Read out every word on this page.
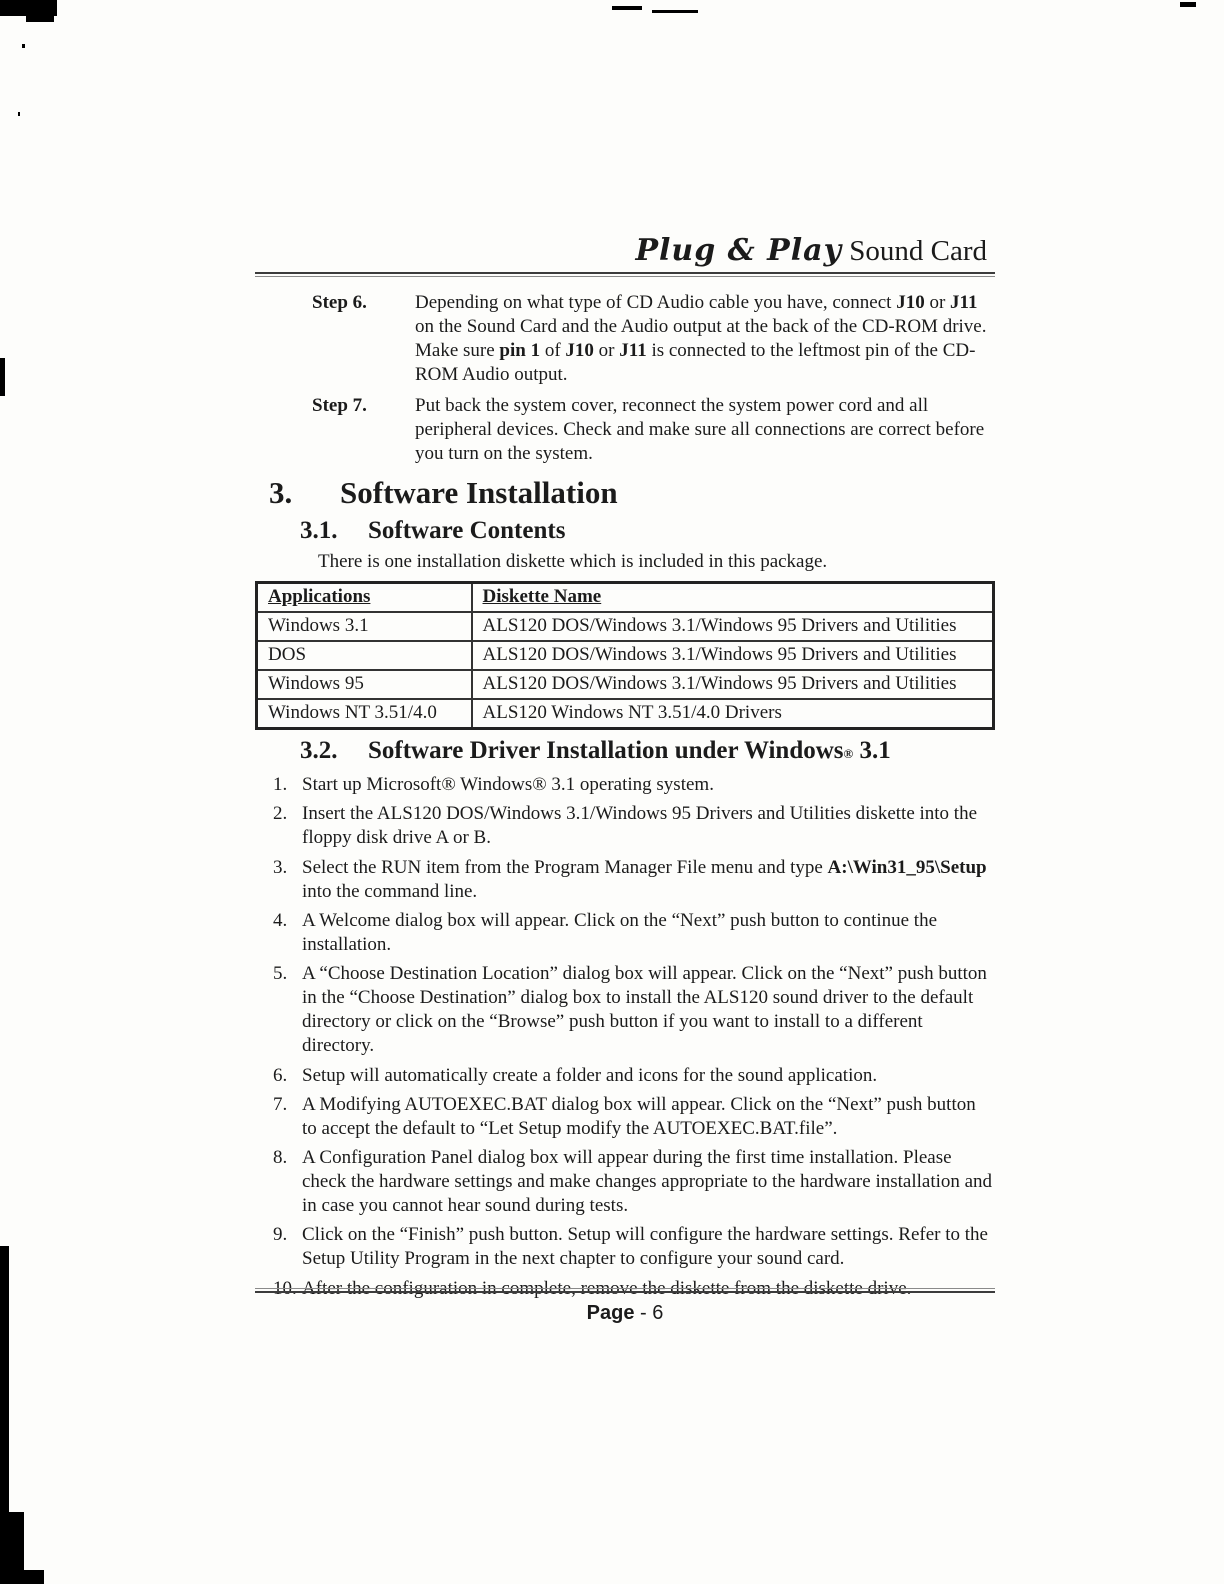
Plug & Play Sound Card
Step 6.	Depending on what type of CD Audio cable you have, connect J10 or J11 on the Sound Card and the Audio output at the back of the CD-ROM drive. Make sure pin 1 of J10 or J11 is connected to the leftmost pin of the CD-ROM Audio output.
Step 7.	Put back the system cover, reconnect the system power cord and all peripheral devices. Check and make sure all connections are correct before you turn on the system.
3. Software Installation
3.1. Software Contents
There is one installation diskette which is included in this package.
Applications	Diskette Name
Windows 3.1	ALS120 DOS/Windows 3.1/Windows 95 Drivers and Utilities
DOS	ALS120 DOS/Windows 3.1/Windows 95 Drivers and Utilities
Windows 95	ALS120 DOS/Windows 3.1/Windows 95 Drivers and Utilities
Windows NT 3.51/4.0	ALS120 Windows NT 3.51/4.0 Drivers
3.2. Software Driver Installation under Windows® 3.1
1. Start up Microsoft® Windows® 3.1 operating system.
2. Insert the ALS120 DOS/Windows 3.1/Windows 95 Drivers and Utilities diskette into the floppy disk drive A or B.
3. Select the RUN item from the Program Manager File menu and type A:\Win31_95\Setup into the command line.
4. A Welcome dialog box will appear. Click on the “Next” push button to continue the installation.
5. A “Choose Destination Location” dialog box will appear. Click on the “Next” push button in the “Choose Destination” dialog box to install the ALS120 sound driver to the default directory or click on the “Browse” push button if you want to install to a different directory.
6. Setup will automatically create a folder and icons for the sound application.
7. A Modifying AUTOEXEC.BAT dialog box will appear. Click on the “Next” push button to accept the default to “Let Setup modify the AUTOEXEC.BAT.file”.
8. A Configuration Panel dialog box will appear during the first time installation. Please check the hardware settings and make changes appropriate to the hardware installation and in case you cannot hear sound during tests.
9. Click on the “Finish” push button. Setup will configure the hardware settings. Refer to the Setup Utility Program in the next chapter to configure your sound card.
10. After the configuration in complete, remove the diskette from the diskette drive.
Page - 6
